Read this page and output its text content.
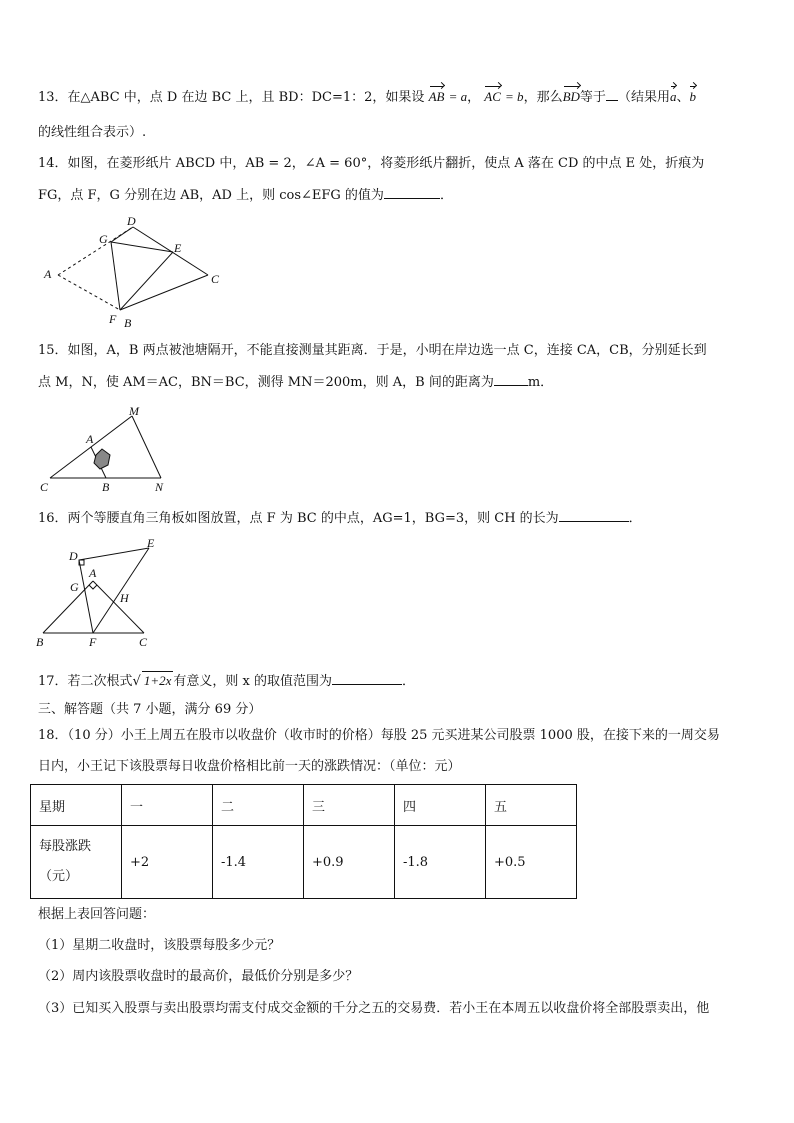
13．在△ABC 中，点 D 在边 BC 上，且 BD：DC=1：2，如果设 AB = a， AC = b，那么BD等于 （结果用a、b
的线性组合表示）.
14．如图，在菱形纸片 ABCD 中，AB = 2，∠A = 60°，将菱形纸片翻折，使点 A 落在 CD 的中点 E 处，折痕为
FG，点 F，G 分别在边 AB，AD 上，则 cos∠EFG 的值为	．
D
G
E
A	C
F B
15．如图，A，B 两点被池塘隔开，不能直接测量其距离．于是，小明在岸边选一点 C，连接 CA，CB，分别延长到
点 M，N，使 AM＝AC，BN＝BC，测得 MN＝200m，则 A，B 间的距离为	m．
M
A
C	B	N
16．两个等腰直角三角板如图放置，点 F 为 BC 的中点，AG=1，BG=3，则 CH 的长为	．
D
E
A
G
H
B	F	C
17．若二次根式√ 1+2x 有意义，则 x 的取值范围为	．
三、解答题（共 7 小题，满分 69 分）
18．（10 分）小王上周五在股市以收盘价（收市时的价格）每股 25 元买进某公司股票 1000 股，在接下来的一周交易
日内，小王记下该股票每日收盘价格相比前一天的涨跌情况：（单位：元）
星期	一	二	三	四	五
每股涨跌
（元）	+2	-1.4	+0.9	-1.8	+0.5
根据上表回答问题：
（1）星期二收盘时，该股票每股多少元？
（2）周内该股票收盘时的最高价，最低价分别是多少？
（3）已知买入股票与卖出股票均需支付成交金额的千分之五的交易费．若小王在本周五以收盘价将全部股票卖出，他
